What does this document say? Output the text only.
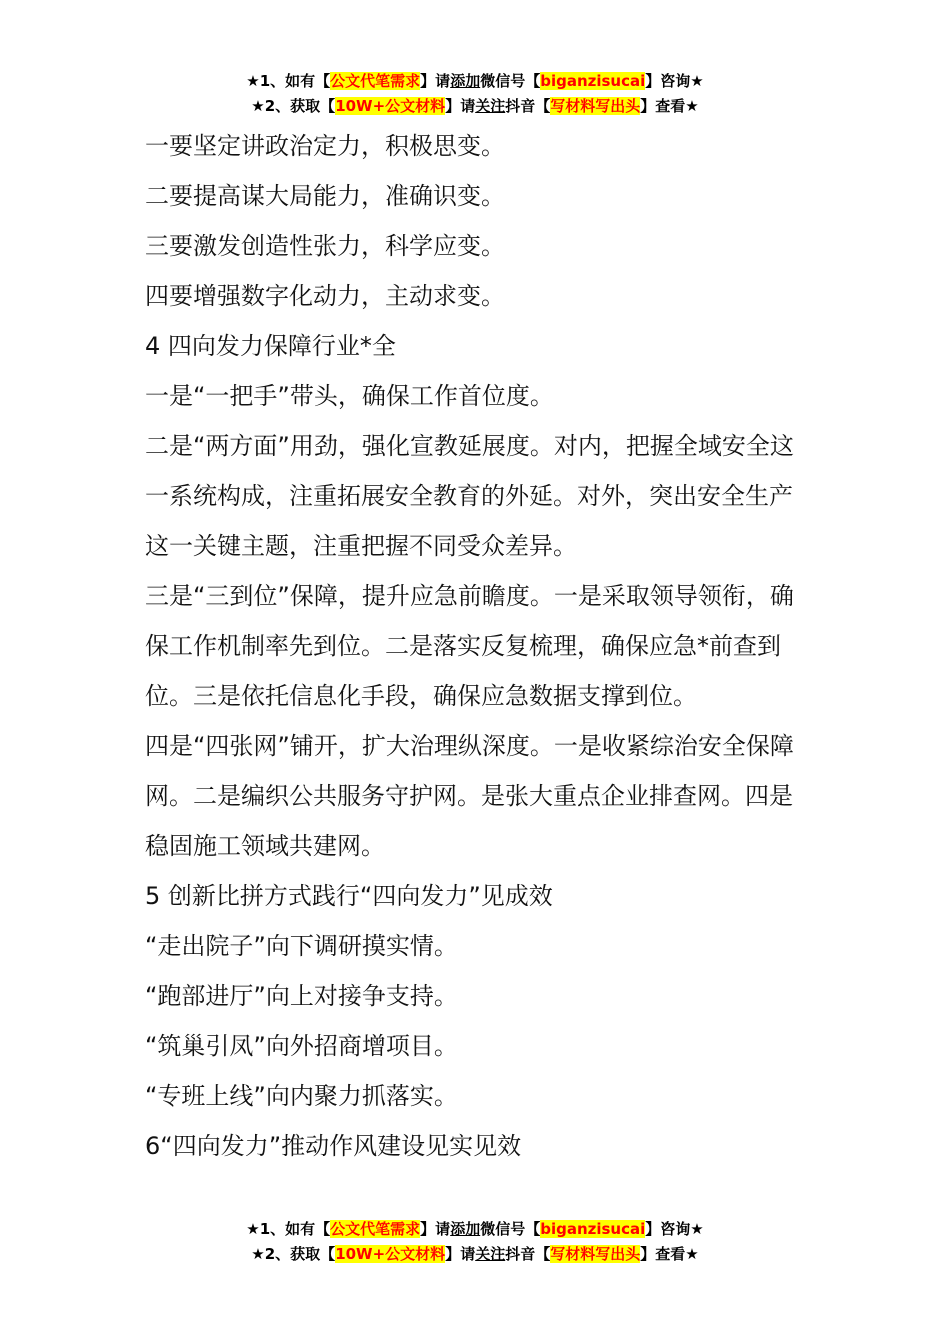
★1、如有【公文代笔需求】请添加微信号【biganzisucai】咨询★
★2、获取【10W+公文材料】请关注抖音【写材料写出头】查看★

一要坚定讲政治定力，积极思变。

二要提高谋大局能力，准确识变。

三要激发创造性张力，科学应变。

四要增强数字化动力，主动求变。

4 四向发力保障行业*全

一是“一把手”带头，确保工作首位度。

二是“两方面”用劲，强化宣教延展度。对内，把握全域安全这一系统构成，注重拓展安全教育的外延。对外，突出安全生产这一关键主题，注重把握不同受众差异。

三是“三到位”保障，提升应急前瞻度。一是采取领导领衔，确保工作机制率先到位。二是落实反复梳理，确保应急*前查到位。三是依托信息化手段，确保应急数据支撑到位。

四是“四张网”铺开，扩大治理纵深度。一是收紧综治安全保障网。二是编织公共服务守护网。是张大重点企业排查网。四是稳固施工领域共建网。

5 创新比拼方式践行“四向发力”见成效

“走出院子”向下调研摸实情。

“跑部进厅”向上对接争支持。

“筑巢引凤”向外招商增项目。

“专班上线”向内聚力抓落实。

6“四向发力”推动作风建设见实见效

★1、如有【公文代笔需求】请添加微信号【biganzisucai】咨询★
★2、获取【10W+公文材料】请关注抖音【写材料写出头】查看★
